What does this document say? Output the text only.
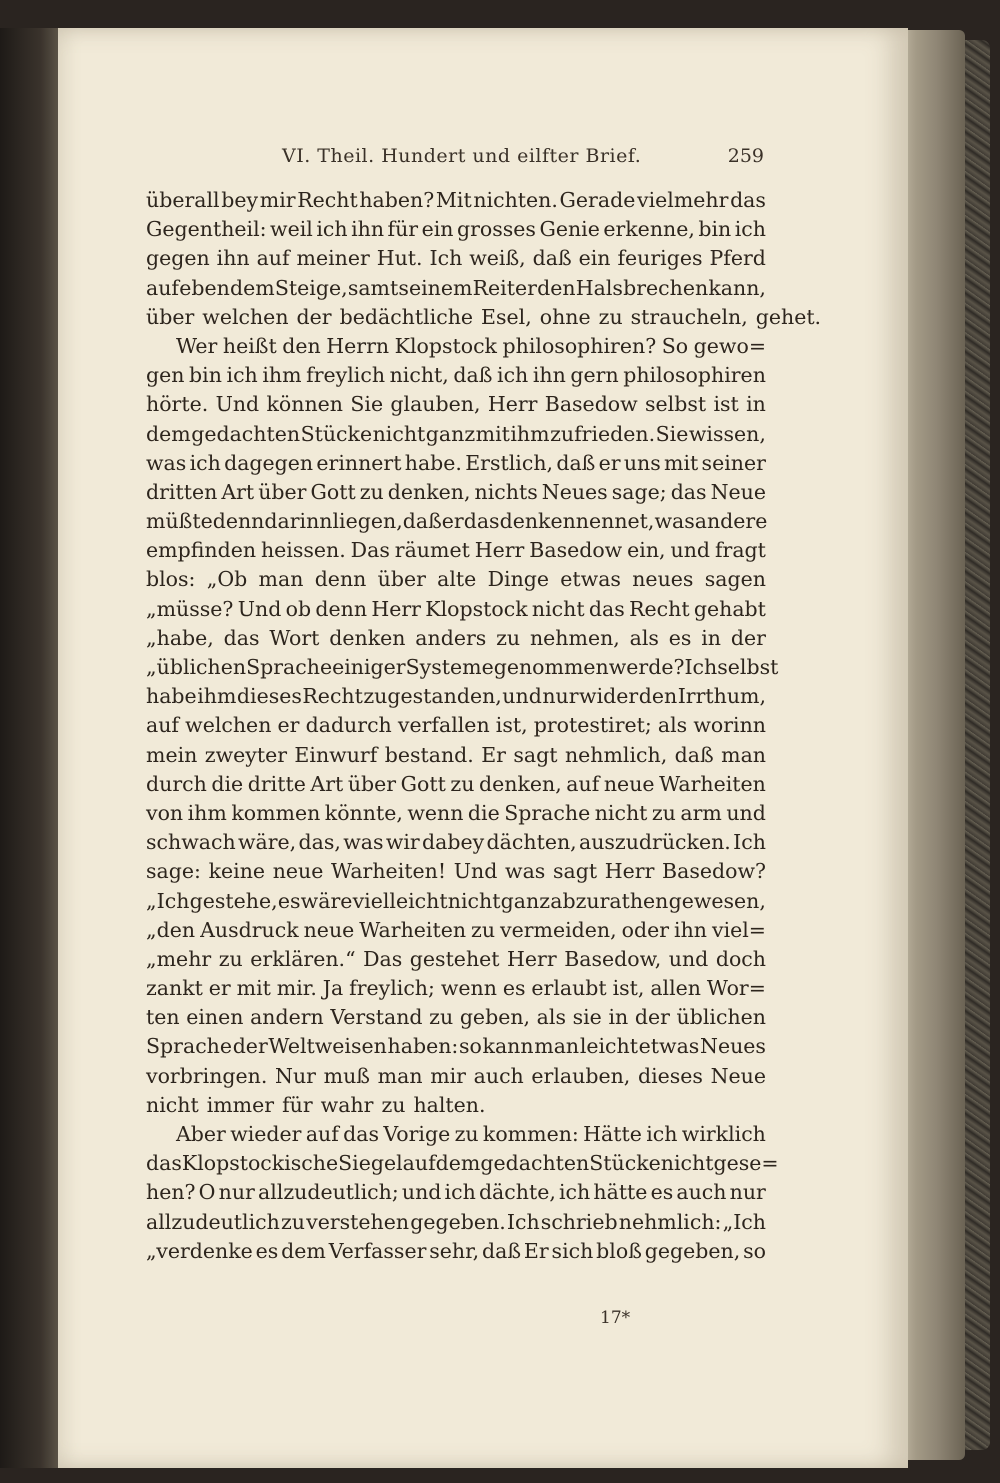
VI. Theil. Hundert und eilfter Brief.	259
überall bey mir Recht haben? Mit nichten. Gerade vielmehr das
Gegentheil: weil ich ihn für ein grosses Genie erkenne, bin ich
gegen ihn auf meiner Hut. Ich weiß, daß ein feuriges Pferd
auf eben dem Steige, samt seinem Reiter den Hals brechen kann,
über welchen der bedächtliche Esel, ohne zu straucheln, gehet.
Wer heißt den Herrn Klopstock philosophiren? So gewo=
gen bin ich ihm freylich nicht, daß ich ihn gern philosophiren
hörte. Und können Sie glauben, Herr Basedow selbst ist in
dem gedachten Stücke nicht ganz mit ihm zufrieden. Sie wissen,
was ich dagegen erinnert habe. Erstlich, daß er uns mit seiner
dritten Art über Gott zu denken, nichts Neues sage; das Neue
müßte denn darinn liegen, daß er das denken nennet, was andere
empfinden heissen. Das räumet Herr Basedow ein, und fragt
blos: „Ob man denn über alte Dinge etwas neues sagen
„müsse? Und ob denn Herr Klopstock nicht das Recht gehabt
„habe, das Wort denken anders zu nehmen, als es in der
„üblichen Sprache einiger Systeme genommen werde? Ich selbst
habe ihm dieses Recht zugestanden, und nur wider den Irrthum,
auf welchen er dadurch verfallen ist, protestiret; als worinn
mein zweyter Einwurf bestand. Er sagt nehmlich, daß man
durch die dritte Art über Gott zu denken, auf neue Warheiten
von ihm kommen könnte, wenn die Sprache nicht zu arm und
schwach wäre, das, was wir dabey dächten, auszudrücken. Ich
sage: keine neue Warheiten! Und was sagt Herr Basedow?
„Ich gestehe, es wäre vielleicht nicht ganz abzurathen gewesen,
„den Ausdruck neue Warheiten zu vermeiden, oder ihn viel=
„mehr zu erklären.“ Das gestehet Herr Basedow, und doch
zankt er mit mir. Ja freylich; wenn es erlaubt ist, allen Wor=
ten einen andern Verstand zu geben, als sie in der üblichen
Sprache der Weltweisen haben: so kann man leicht etwas Neues
vorbringen. Nur muß man mir auch erlauben, dieses Neue
nicht immer für wahr zu halten.
Aber wieder auf das Vorige zu kommen: Hätte ich wirklich
das Klopstockische Siegel auf dem gedachten Stücke nicht gese=
hen? O nur allzudeutlich; und ich dächte, ich hätte es auch nur
allzudeutlich zu verstehen gegeben. Ich schrieb nehmlich: „Ich
„verdenke es dem Verfasser sehr, daß Er sich bloß gegeben, so
17*
